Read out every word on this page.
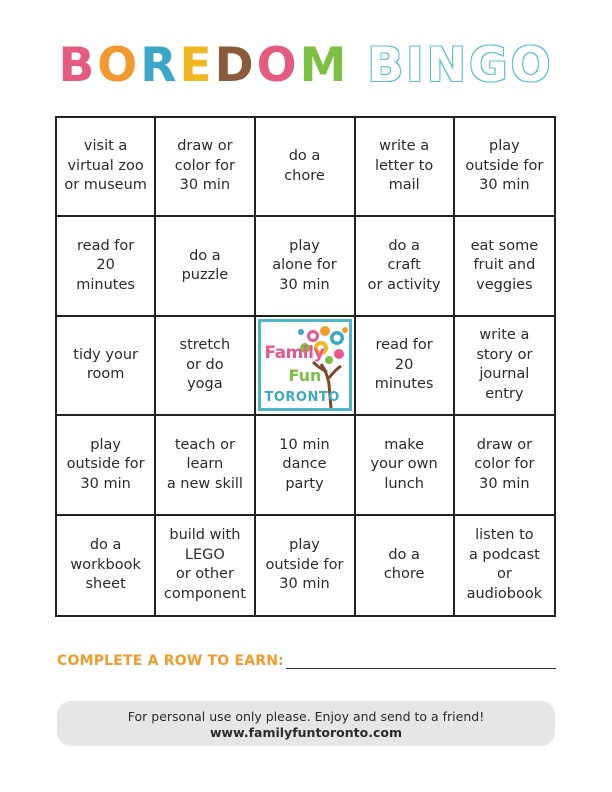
BOREDOM BINGO
visit a
virtual zoo
or museum
draw or
color for
30 min
do a
chore
write a
letter to
mail
play
outside for
30 min
read for
20
minutes
do a
puzzle
play
alone for
30 min
do a
craft
or activity
eat some
fruit and
veggies
tidy your
room
stretch
or do
yoga
Family
Fun
TORONTO
read for
20
minutes
write a
story or
journal
entry
play
outside for
30 min
teach or
learn
a new skill
10 min
dance
party
make
your own
lunch
draw or
color for
30 min
do a
workbook
sheet
build with
LEGO
or other
component
play
outside for
30 min
do a
chore
listen to
a podcast
or
audiobook
COMPLETE A ROW TO EARN:
For personal use only please. Enjoy and send to a friend!
www.familyfuntoronto.com
